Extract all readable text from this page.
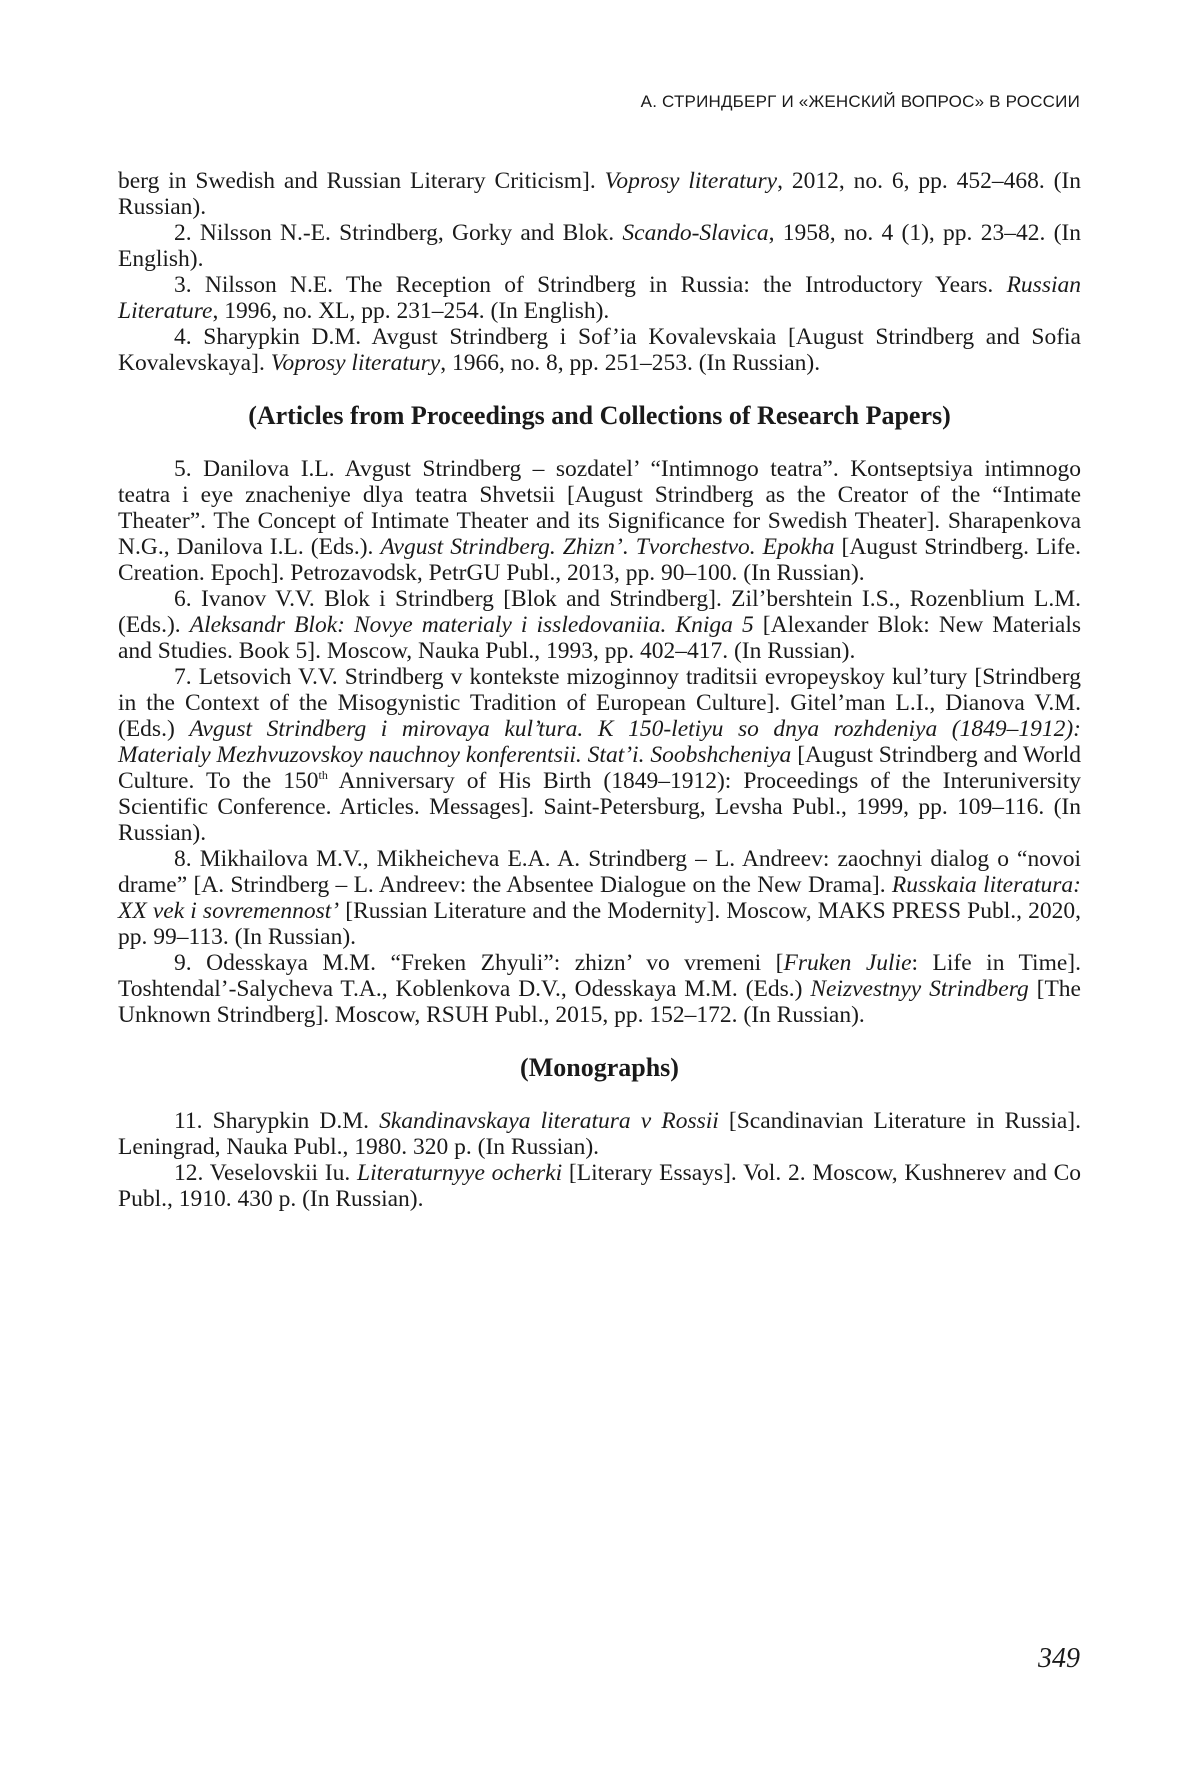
А. СТРИНДБЕРГ И «ЖЕНСКИЙ ВОПРОС» В РОССИИ

berg in Swedish and Russian Literary Criticism]. Voprosy literatury, 2012, no. 6, pp. 452–468. (In Russian).

2. Nilsson N.-E. Strindberg, Gorky and Blok. Scando-Slavica, 1958, no. 4 (1), pp. 23–42. (In English).

3. Nilsson N.E. The Reception of Strindberg in Russia: the Introductory Years. Russian Literature, 1996, no. XL, pp. 231–254. (In English).

4. Sharypkin D.M. Avgust Strindberg i Sof’ia Kovalevskaia [August Strindberg and Sofia Kovalevskaya]. Voprosy literatury, 1966, no. 8, pp. 251–253. (In Russian).

(Articles from Proceedings and Collections of Research Papers)

5. Danilova I.L. Avgust Strindberg – sozdatel’ “Intimnogo teatra”. Kontseptsiya intimnogo teatra i eye znacheniye dlya teatra Shvetsii [August Strindberg as the Creator of the “Intimate Theater”. The Concept of Intimate Theater and its Significance for Swedish Theater]. Sharapenkova N.G., Danilova I.L. (Eds.). Avgust Strindberg. Zhizn’. Tvorchestvo. Epokha [August Strindberg. Life. Creation. Epoch]. Petrozavodsk, PetrGU Publ., 2013, pp. 90–100. (In Russian).

6. Ivanov V.V. Blok i Strindberg [Blok and Strindberg]. Zil’bershtein I.S., Rozenblium L.M. (Eds.). Aleksandr Blok: Novye materialy i issledovaniia. Kniga 5 [Alexander Blok: New Materials and Studies. Book 5]. Moscow, Nauka Publ., 1993, pp. 402–417. (In Russian).

7. Letsovich V.V. Strindberg v kontekste mizoginnoy traditsii evropeyskoy kul’tury [Strindberg in the Context of the Misogynistic Tradition of European Culture]. Gitel’man L.I., Dianova V.M. (Eds.) Avgust Strindberg i mirovaya kul’tura. K 150-letiyu so dnya rozhdeniya (1849–1912): Materialy Mezhvuzovskoy nauchnoy konferentsii. Stat’i. Soobshcheniya [August Strindberg and World Culture. To the 150th Anniversary of His Birth (1849–1912): Proceedings of the Interuniversity Scientific Conference. Articles. Messages]. Saint-Petersburg, Levsha Publ., 1999, pp. 109–116. (In Russian).

8. Mikhailova M.V., Mikheicheva E.A. A. Strindberg – L. Andreev: zaochnyi dialog o “novoi drame” [A. Strindberg – L. Andreev: the Absentee Dialogue on the New Drama]. Russkaia literatura: XX vek i sovremennost’ [Russian Literature and the Modernity]. Moscow, MAKS PRESS Publ., 2020, pp. 99–113. (In Russian).

9. Odesskaya M.M. “Freken Zhyuli”: zhizn’ vo vremeni [Fruken Julie: Life in Time]. Toshtendal’-Salycheva T.A., Koblenkova D.V., Odesskaya M.M. (Eds.) Neizvestnyy Strindberg [The Unknown Strindberg]. Moscow, RSUH Publ., 2015, pp. 152–172. (In Russian).

(Monographs)

11. Sharypkin D.M. Skandinavskaya literatura v Rossii [Scandinavian Literature in Russia]. Leningrad, Nauka Publ., 1980. 320 p. (In Russian).

12. Veselovskii Iu. Literaturnyye ocherki [Literary Essays]. Vol. 2. Moscow, Kushnerev and Co Publ., 1910. 430 p. (In Russian).

349
